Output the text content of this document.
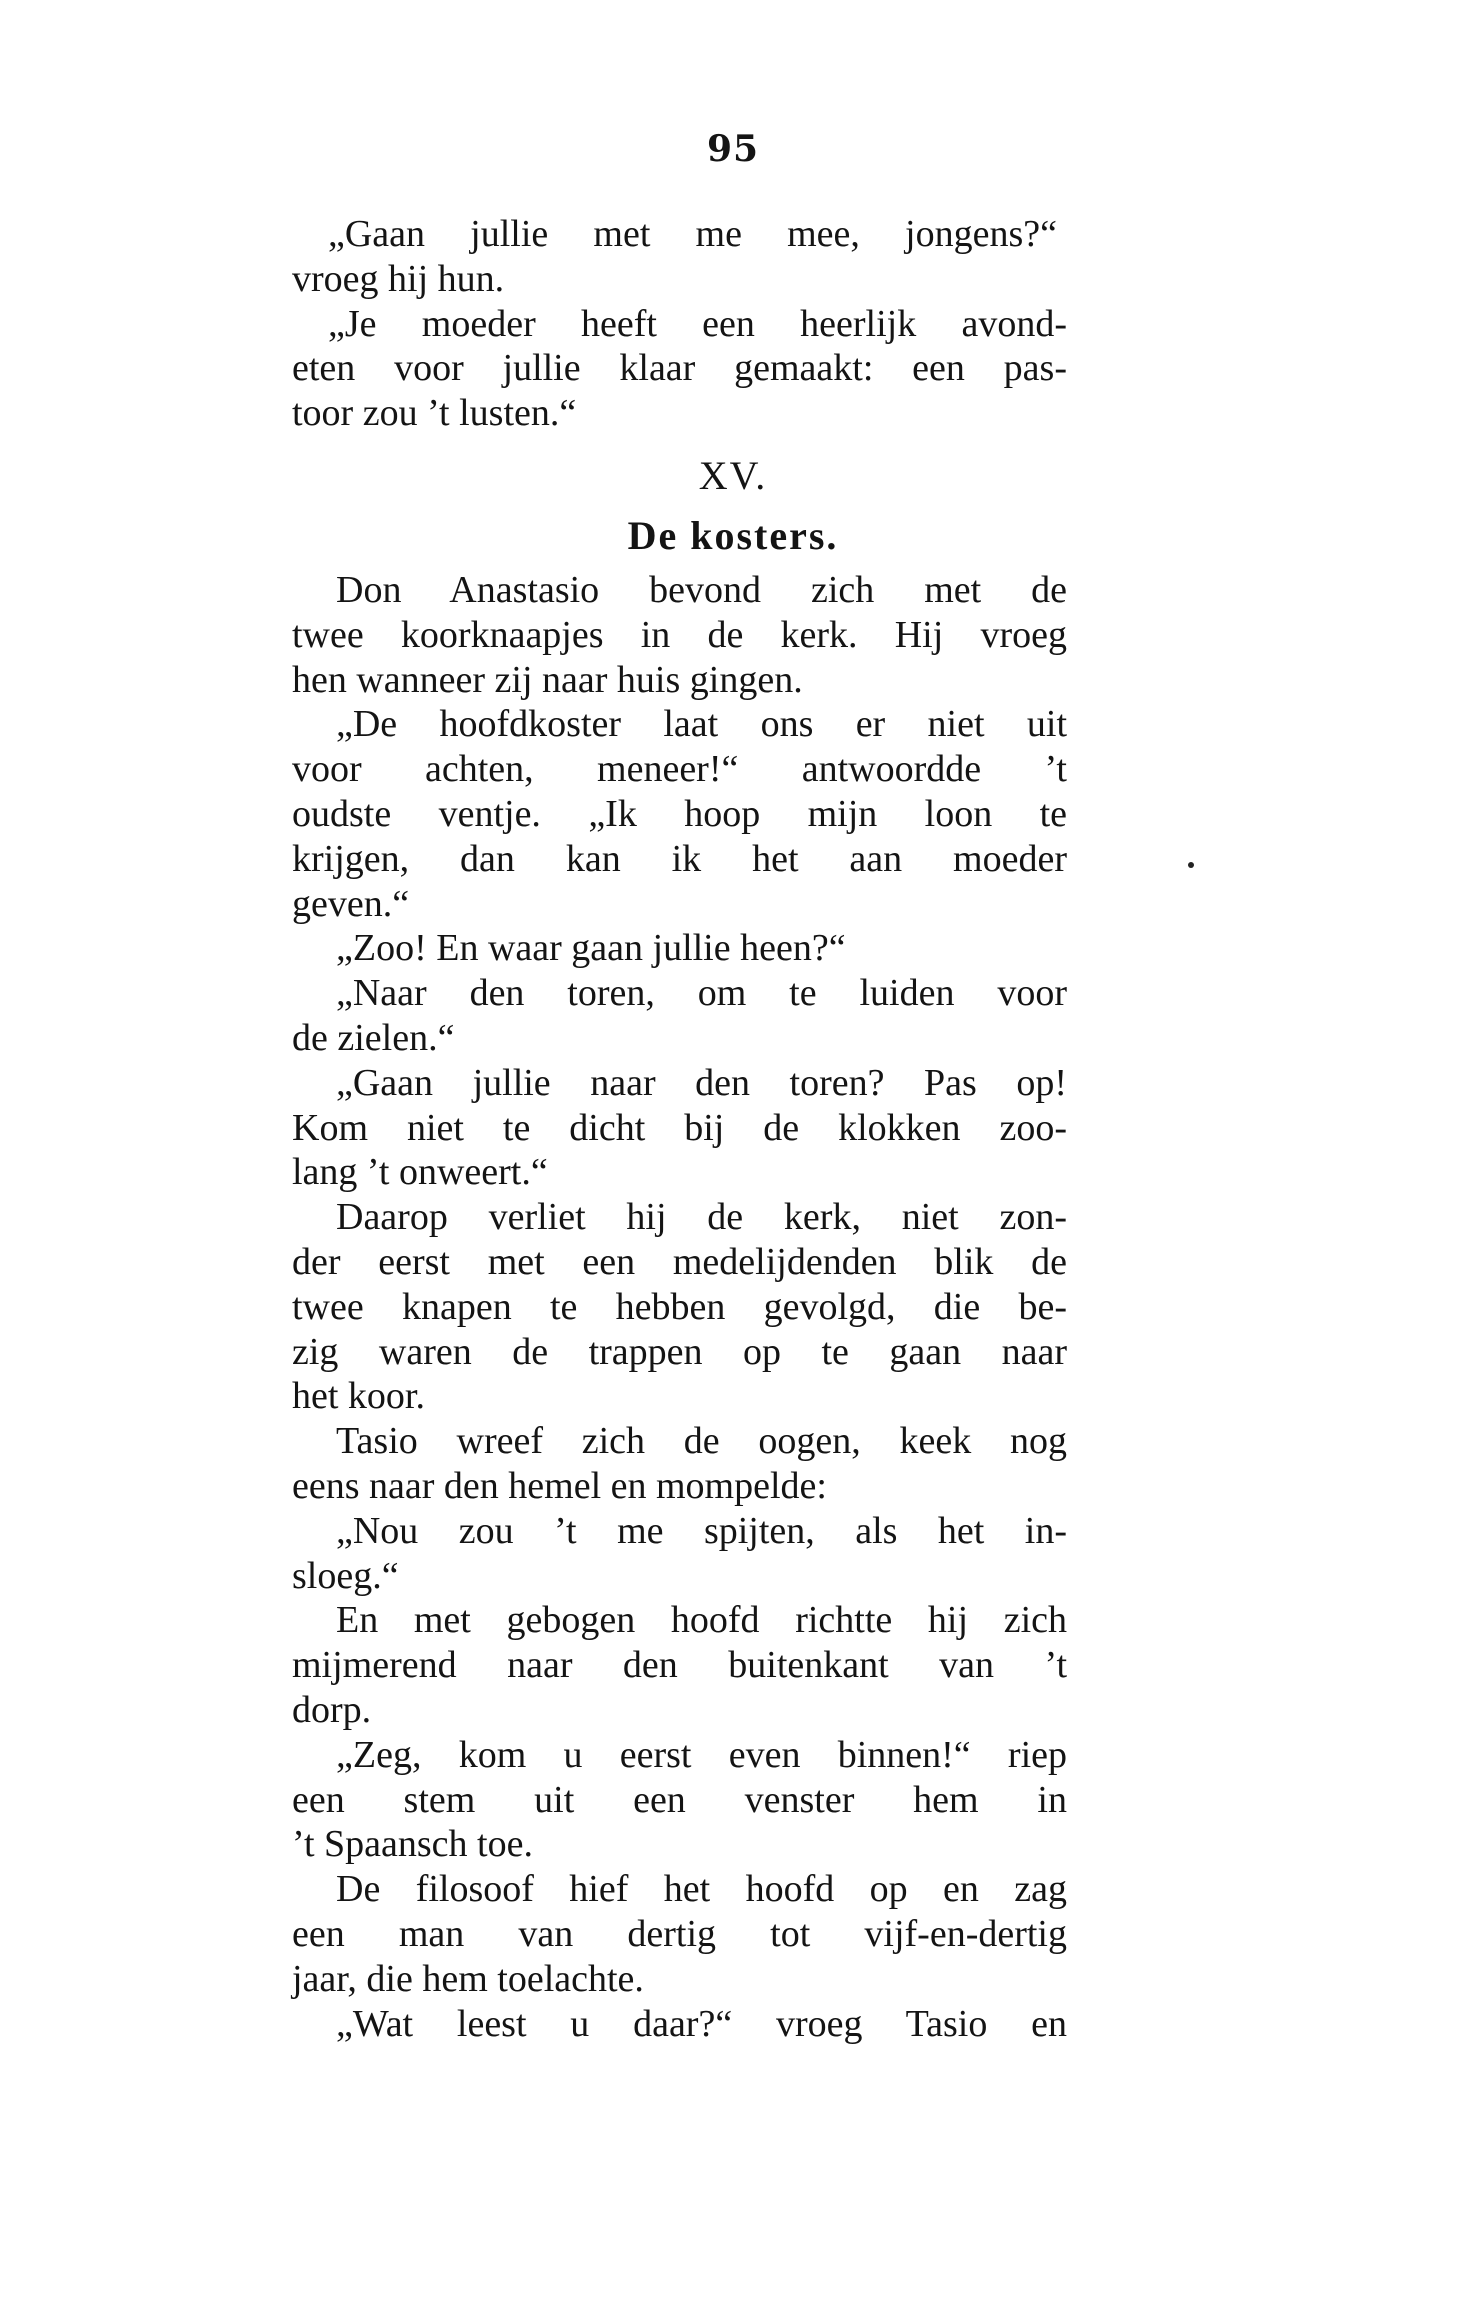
95
„Gaan jullie met me mee, jongens?“
vroeg hij hun.
„Je moeder heeft een heerlijk avond-
eten voor jullie klaar gemaakt: een pas-
toor zou ’t lusten.“
XV.
De kosters.
Don Anastasio bevond zich met de
twee koorknaapjes in de kerk. Hij vroeg
hen wanneer zij naar huis gingen.
„De hoofdkoster laat ons er niet uit
voor achten, meneer!“ antwoordde ’t
oudste ventje. „Ik hoop mijn loon te
krijgen, dan kan ik het aan moeder
geven.“
„Zoo! En waar gaan jullie heen?“
„Naar den toren, om te luiden voor
de zielen.“
„Gaan jullie naar den toren? Pas op!
Kom niet te dicht bij de klokken zoo-
lang ’t onweert.“
Daarop verliet hij de kerk, niet zon-
der eerst met een medelijdenden blik de
twee knapen te hebben gevolgd, die be-
zig waren de trappen op te gaan naar
het koor.
Tasio wreef zich de oogen, keek nog
eens naar den hemel en mompelde:
„Nou zou ’t me spijten, als het in-
sloeg.“
En met gebogen hoofd richtte hij zich
mijmerend naar den buitenkant van ’t
dorp.
„Zeg, kom u eerst even binnen!“ riep
een stem uit een venster hem in
’t Spaansch toe.
De filosoof hief het hoofd op en zag
een man van dertig tot vijf-en-dertig
jaar, die hem toelachte.
„Wat leest u daar?“ vroeg Tasio en
